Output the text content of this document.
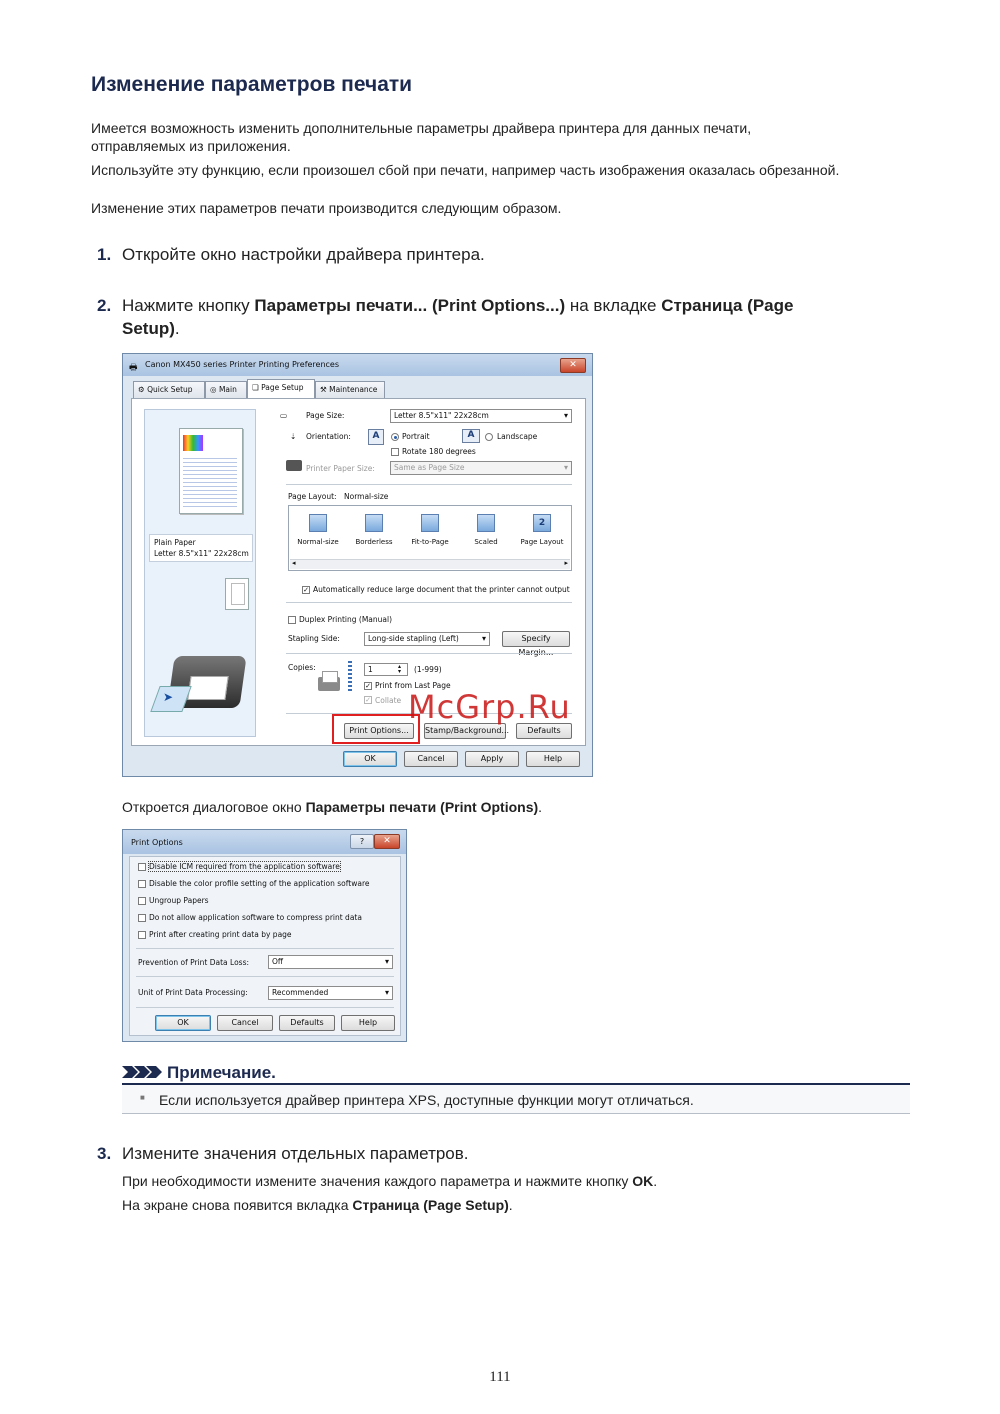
Изменение параметров печати
Имеется возможность изменить дополнительные параметры драйвера принтера для данных печати,
отправляемых из приложения.
Используйте эту функцию, если произошел сбой при печати, например часть изображения оказалась обрезанной.
Изменение этих параметров печати производится следующим образом.
1. Откройте окно настройки драйвера принтера.
2. Нажмите кнопку Параметры печати... (Print Options...) на вкладке Страница (Page
Setup).
🖶 Canon MX450 series Printer Printing Preferences	✕
⚙ Quick Setup	◎ Main	❏ Page Setup	⚒ Maintenance
Plain Paper
Letter 8.5"x11" 22x28cm
➤
▭	Page Size:	Letter 8.5"x11" 22x28cm ▾
⇣ Orientation:	A	Portrait	A	Landscape
Rotate 180 degrees
Printer Paper Size:	Same as Page Size ▾
Page Layout: Normal-size
Normal-size	Borderless	Fit-to-Page	Scaled
2
Page Layout
◂	▸
✓ Automatically reduce large document that the printer cannot output
Duplex Printing (Manual)
Stapling Side:	Long-side stapling (Left) ▾	Specify
Copies:	1	▴
▾ (1-999)
✓ Print from Last Page
✓ Collate
Print Options...	Stamp/Background...	Defaults
OK	Cancel	Apply	Help
McGrp.Ru
Откроется диалоговое окно Параметры печати (Print Options).
Print Options	?	✕
Disable ICM required from the application software
Disable the color profile setting of the application software
Ungroup Papers
Do not allow application software to compress print data
Print after creating print data by page
Prevention of Print Data Loss:	Off ▾
Unit of Print Data Processing:	Recommended ▾
OK	Cancel	Defaults	Help
Примечание.
■ Если используется драйвер принтера XPS, доступные функции могут отличаться.
3. Измените значения отдельных параметров.
При необходимости измените значения каждого параметра и нажмите кнопку OK.
На экране снова появится вкладка Страница (Page Setup).
111
